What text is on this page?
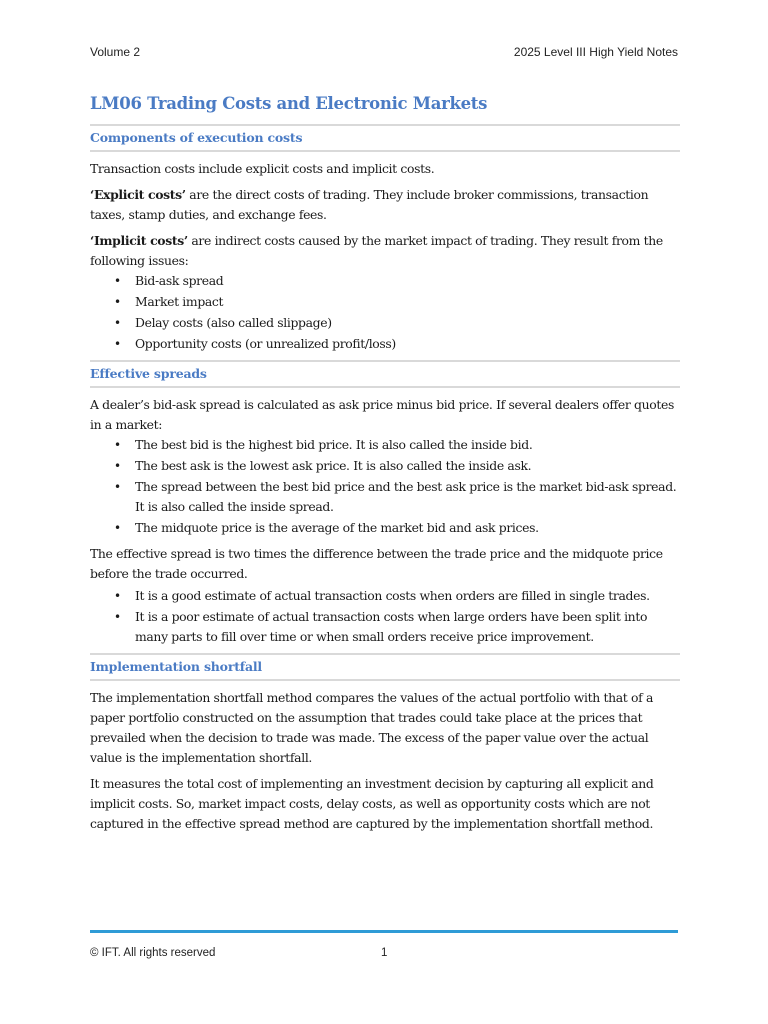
Volume 2	2025 Level III High Yield Notes
LM06 Trading Costs and Electronic Markets
Components of execution costs

Transaction costs include explicit costs and implicit costs.

‘Explicit costs’ are the direct costs of trading. They include broker commissions, transaction taxes, stamp duties, and exchange fees.

‘Implicit costs’ are indirect costs caused by the market impact of trading. They result from the following issues:

• Bid-ask spread
• Market impact
• Delay costs (also called slippage)
• Opportunity costs (or unrealized profit/loss)
Effective spreads

A dealer’s bid-ask spread is calculated as ask price minus bid price. If several dealers offer quotes in a market:

• The best bid is the highest bid price. It is also called the inside bid.
• The best ask is the lowest ask price. It is also called the inside ask.
• The spread between the best bid price and the best ask price is the market bid-ask spread. It is also called the inside spread.
• The midquote price is the average of the market bid and ask prices.

The effective spread is two times the difference between the trade price and the midquote price before the trade occurred.

• It is a good estimate of actual transaction costs when orders are filled in single trades.
• It is a poor estimate of actual transaction costs when large orders have been split into many parts to fill over time or when small orders receive price improvement.
Implementation shortfall

The implementation shortfall method compares the values of the actual portfolio with that of a paper portfolio constructed on the assumption that trades could take place at the prices that prevailed when the decision to trade was made. The excess of the paper value over the actual value is the implementation shortfall.

It measures the total cost of implementing an investment decision by capturing all explicit and implicit costs. So, market impact costs, delay costs, as well as opportunity costs which are not captured in the effective spread method are captured by the implementation shortfall method.

© IFT. All rights reserved	1
